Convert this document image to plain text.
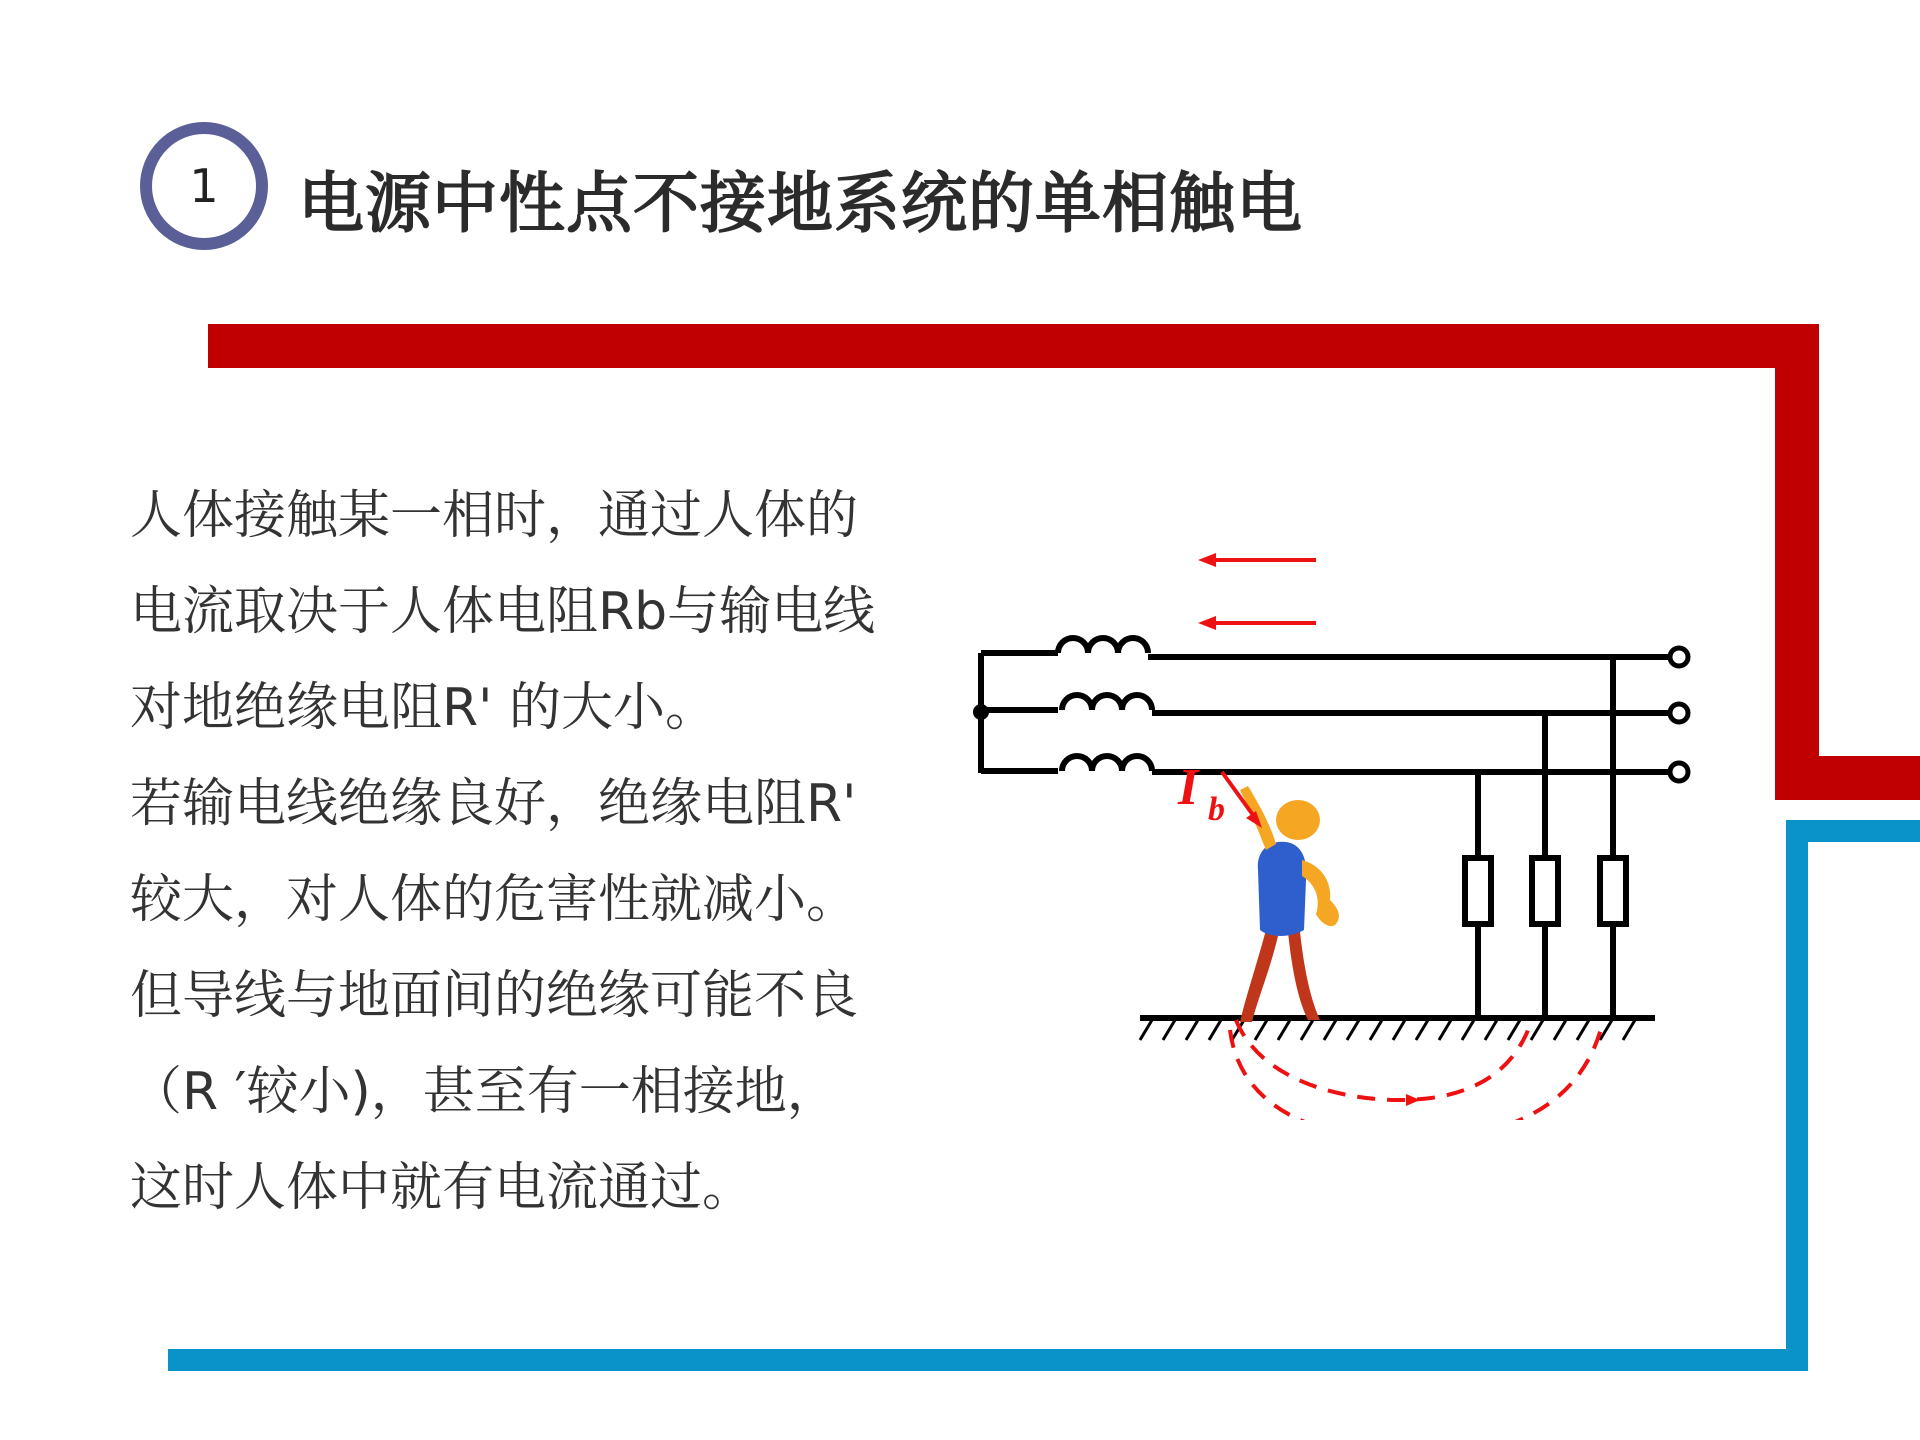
1 电源中性点不接地系统的单相触电
人体接触某一相时，通过人体的
电流取决于人体电阻Rb与输电线
对地绝缘电阻R' 的大小。
若输电线绝缘良好，绝缘电阻R'
较大，对人体的危害性就减小。
但导线与地面间的绝缘可能不良
（R ′较小)，甚至有一相接地，
这时人体中就有电流通过。
I b
